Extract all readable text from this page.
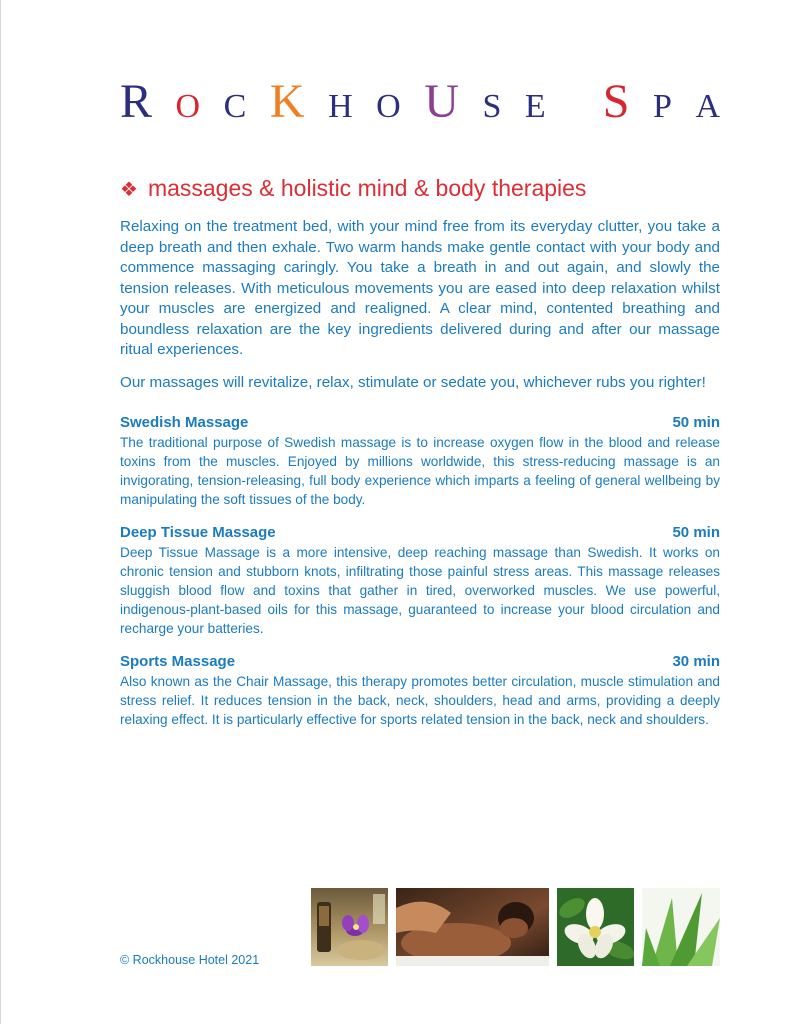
R O C K H O U S E S P A
❖ massages & holistic mind & body therapies

Relaxing on the treatment bed, with your mind free from its everyday clutter, you take a deep breath and then exhale. Two warm hands make gentle contact with your body and commence massaging caringly. You take a breath in and out again, and slowly the tension releases. With meticulous movements you are eased into deep relaxation whilst your muscles are energized and realigned. A clear mind, contented breathing and boundless relaxation are the key ingredients delivered during and after our massage ritual experiences.

Our massages will revitalize, relax, stimulate or sedate you, whichever rubs you righter!

Swedish Massage	50 min

The traditional purpose of Swedish massage is to increase oxygen flow in the blood and release toxins from the muscles. Enjoyed by millions worldwide, this stress-reducing massage is an invigorating, tension-releasing, full body experience which imparts a feeling of general wellbeing by manipulating the soft tissues of the body.

Deep Tissue Massage	50 min

Deep Tissue Massage is a more intensive, deep reaching massage than Swedish. It works on chronic tension and stubborn knots, infiltrating those painful stress areas. This massage releases sluggish blood flow and toxins that gather in tired, overworked muscles. We use powerful, indigenous-plant-based oils for this massage, guaranteed to increase your blood circulation and recharge your batteries.

Sports Massage	30 min

Also known as the Chair Massage, this therapy promotes better circulation, muscle stimulation and stress relief. It reduces tension in the back, neck, shoulders, head and arms, providing a deeply relaxing effect. It is particularly effective for sports related tension in the back, neck and shoulders.

© Rockhouse Hotel 2021
